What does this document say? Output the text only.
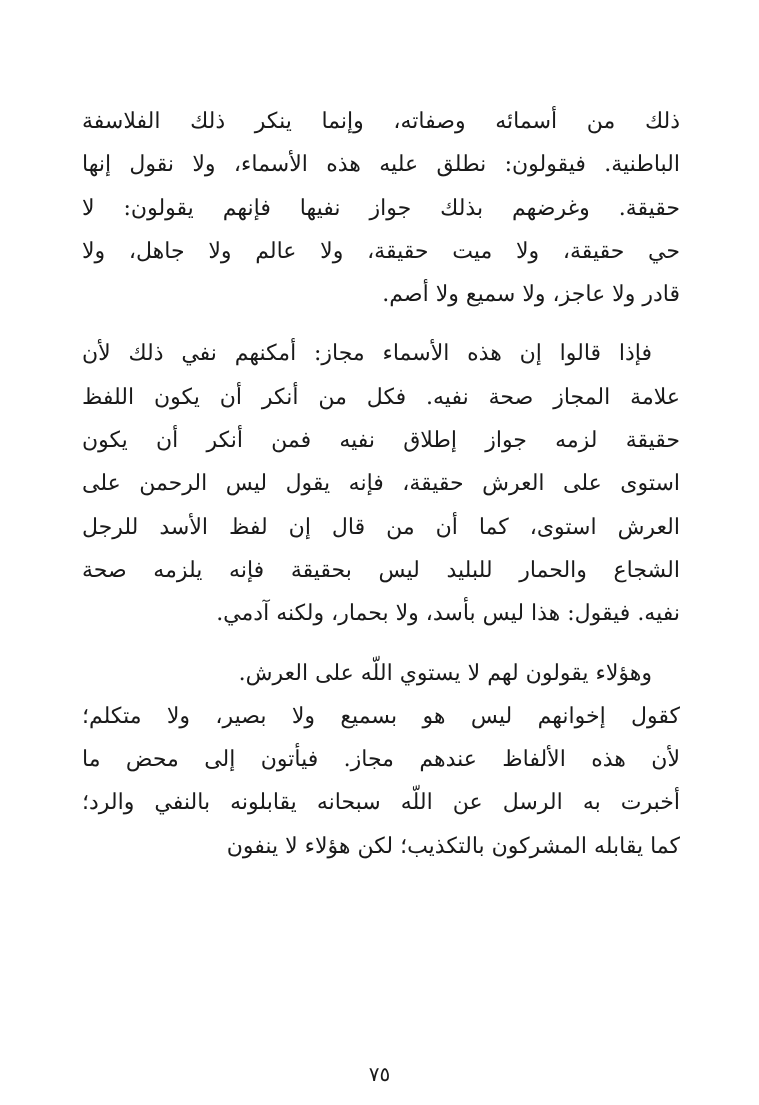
ذلك من أسمائه وصفاته، وإنما ينكر ذلك الفلاسفة
الباطنية. فيقولون: نطلق عليه هذه الأسماء، ولا نقول إنها
حقيقة. وغرضهم بذلك جواز نفيها فإنهم يقولون: لا
حي حقيقة، ولا ميت حقيقة، ولا عالم ولا جاهل، ولا
قادر ولا عاجز، ولا سميع ولا أصم.

فإذا قالوا إن هذه الأسماء مجاز: أمكنهم نفي ذلك لأن
علامة المجاز صحة نفيه. فكل من أنكر أن يكون اللفظ
حقيقة لزمه جواز إطلاق نفيه فمن أنكر أن يكون
استوى على العرش حقيقة، فإنه يقول ليس الرحمن على
العرش استوى، كما أن من قال إن لفظ الأسد للرجل
الشجاع والحمار للبليد ليس بحقيقة فإنه يلزمه صحة
نفيه. فيقول: هذا ليس بأسد، ولا بحمار، ولكنه آدمي.

وهؤلاء يقولون لهم لا يستوي اللّه على العرش.
كقول إخوانهم ليس هو بسميع ولا بصير، ولا متكلم؛
لأن هذه الألفاظ عندهم مجاز. فيأتون إلى محض ما
أخبرت به الرسل عن اللّه سبحانه يقابلونه بالنفي والرد؛
كما يقابله المشركون بالتكذيب؛ لكن هؤلاء لا ينفون

٧٥
